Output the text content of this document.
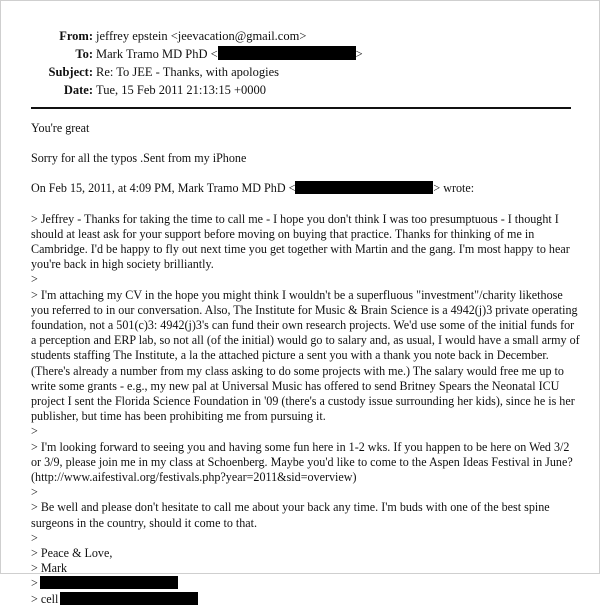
From: jeffrey epstein <jeevacation@gmail.com>
To: Mark Tramo MD PhD <	>
Subject: Re: To JEE - Thanks, with apologies
Date: Tue, 15 Feb 2011 21:13:15 +0000

You're great

Sorry for all the typos .Sent from my iPhone

On Feb 15, 2011, at 4:09 PM, Mark Tramo MD PhD <	> wrote:

> Jeffrey - Thanks for taking the time to call me - I hope you don't think I was too presumptuous - I thought I

should at least ask for your support before moving on buying that practice. Thanks for thinking of me in

Cambridge. I'd be happy to fly out next time you get together with Martin and the gang. I'm most happy to hear

you're back in high society brilliantly.

>

> I'm attaching my CV in the hope you might think I wouldn't be a superfluous "investment"/charity likethose

you referred to in our conversation. Also, The Institute for Music & Brain Science is a 4942(j)3 private operating

foundation, not a 501(c)3: 4942(j)3's can fund their own research projects. We'd use some of the initial funds for

a perception and ERP lab, so not all (of the initial) would go to salary and, as usual, I would have a small army of

students staffing The Institute, a la the attached picture a sent you with a thank you note back in December.

(There's already a number from my class asking to do some projects with me.) The salary would free me up to

write some grants - e.g., my new pal at Universal Music has offered to send Britney Spears the Neonatal ICU

project I sent the Florida Science Foundation in '09 (there's a custody issue surrounding her kids), since he is her

publisher, but time has been prohibiting me from pursuing it.

>

> I'm looking forward to seeing you and having some fun here in 1-2 wks. If you happen to be here on Wed 3/2

or 3/9, please join me in my class at Schoenberg. Maybe you'd like to come to the Aspen Ideas Festival in June?

(http://www.aifestival.org/festivals.php?year=2011&sid=overview)

>

> Be well and please don't hesitate to call me about your back any time. I'm buds with one of the best spine

surgeons in the country, should it come to that.

>

> Peace & Love,

> Mark

>

> cell
